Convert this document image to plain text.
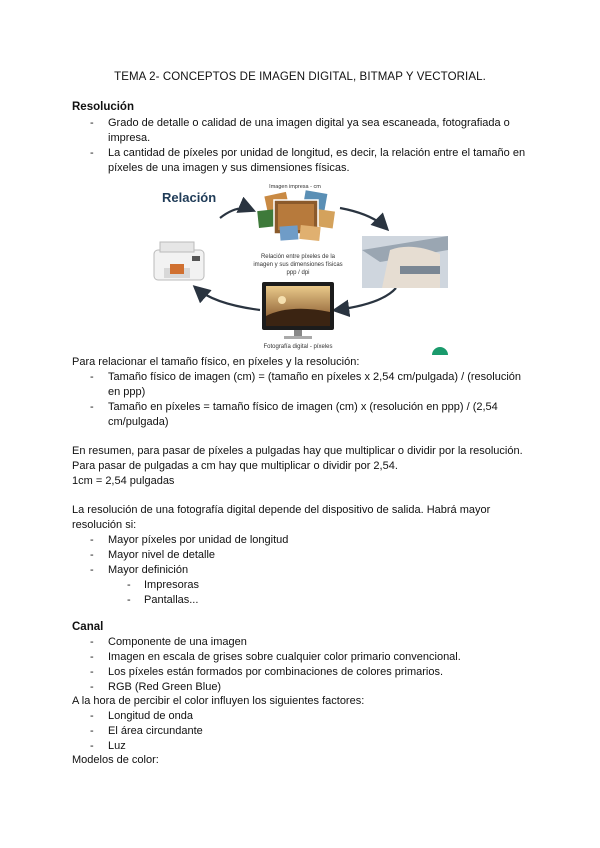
TEMA 2- CONCEPTOS DE IMAGEN DIGITAL, BITMAP Y VECTORIAL.
Resolución
- Grado de detalle o calidad de una imagen digital ya sea escaneada, fotografiada o impresa.
- La cantidad de píxeles por unidad de longitud, es decir, la relación entre el tamaño en píxeles de una imagen y sus dimensiones físicas.
Relación
Imagen impresa - cm
Relación entre píxeles de la
imagen y sus dimensiones físicas
ppp / dpi
Fotografía digital - píxeles
Para relacionar el tamaño físico, en píxeles y la resolución:
- Tamaño físico de imagen (cm) = (tamaño en píxeles x 2,54 cm/pulgada) / (resolución en ppp)
- Tamaño en píxeles = tamaño físico de imagen (cm) x (resolución en ppp) / (2,54 cm/pulgada)
En resumen, para pasar de píxeles a pulgadas hay que multiplicar o dividir por la resolución.
Para pasar de pulgadas a cm hay que multiplicar o dividir por 2,54.
1cm = 2,54 pulgadas
La resolución de una fotografía digital depende del dispositivo de salida. Habrá mayor resolución si:
- Mayor píxeles por unidad de longitud
- Mayor nivel de detalle
- Mayor definición
- Impresoras
- Pantallas...
Canal
- Componente de una imagen
- Imagen en escala de grises sobre cualquier color primario convencional.
- Los píxeles están formados por combinaciones de colores primarios.
- RGB (Red Green Blue)
A la hora de percibir el color influyen los siguientes factores:
- Longitud de onda
- El área circundante
- Luz
Modelos de color:
